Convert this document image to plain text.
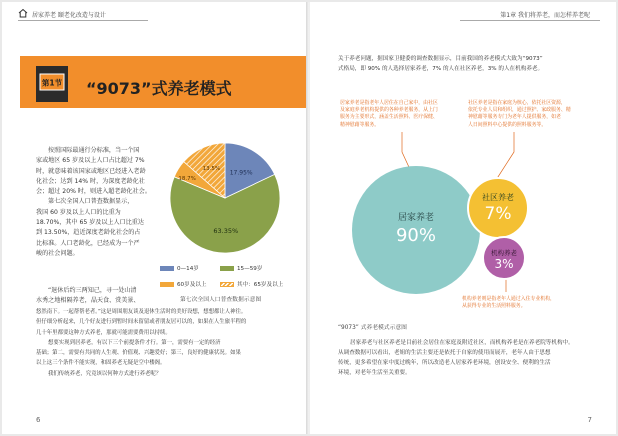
居家养老 颐老化改造与设计
第1节 “9073”式养老模式
按照国际最通行分标准，当一个国
家或地区 65 岁及以上人口占比超过 7%
时，就意味着该国家或地区已经进入老龄
化社会；达到 14% 时，为深度老龄化社
会；超过 20% 时，则进入超老龄化社会。
第七次全国人口普查数据显示，
我国 60 岁及以上人口的比重为
18.70%，其中 65 岁及以上人口比重达
到 13.50%，趋近深度老龄化社会的占
比标准。人口老龄化，已经成为一个严
峻的社会问题。
17.95%
63.35%
18.7%
13.5%
0—14岁	15—59岁
60岁及以上	其中：65岁及以上
第七次全国人口普查数据示意图
“退休后约三两知己，寻一处山清
水秀之地相隔养老，晶天食、赏美景、
悠然南下。一起帮帮老者。”这是周围朋友谈及退休生活时的美好设想，想想都让人神往。
但仔细分析起来，几个好友进行到暂时间未留留或者朋友居可以的，如果在人生旅半程的
几十年里都要这种方式养老，那就可能需要费用以持续。
想要实现到居养老，有以下三个前提条件才行。第一，需要有一定的经济
基础；第二，需要有共同的人生观、价值观、兴趣爱好；第三，良好的健康状况。如果
以上这三个条件不能实现，和固养老无疑是空中楼阁。
我们传统养老，究竟该以何种方式进行养老呢？
6
第1章 我们将养老，而怎样养老呢
关于养老问题，据国家卫健委的调查数据显示，目前我国的养老模式大致为“9073”
式格局，即 90% 的人选择居家养老，7% 的人在社区养老，3% 的人在机构养老。
居家养老是指老年人居住在自己家中，由社区
及家庭养老机构提供的各种养老服务，从上门
服务为主要形式，涵盖生活照料、医疗保健、
精神慰藉等服务。
社区养老是指在家庭为核心，依托社区资源，
依托专业人员和组织，通过照护、家政服务、精
神慰藉等服务专门为老年人提供服务，如老
人日间照料中心提供的照料服务等。
居家养老
90%
社区养老
7%
机构养老
3%
机构养老则是指老年人通过入住专业机构，
从获得专业的生活照料服务。
“9073” 式养老模式示意图
居家养老与社区养老是目前社会居住在家庭及附近社区，而机构养老是在养老院等机构中。
从调查数据可以看出，老姐的生活主要还是依托于自家的使用而展开，老年人由于思想
传统，更多希望在家中度过晚年，所以改造老人居家养老环境，创设安全、便利的生活
环境，对老年生活至关重要。
7
